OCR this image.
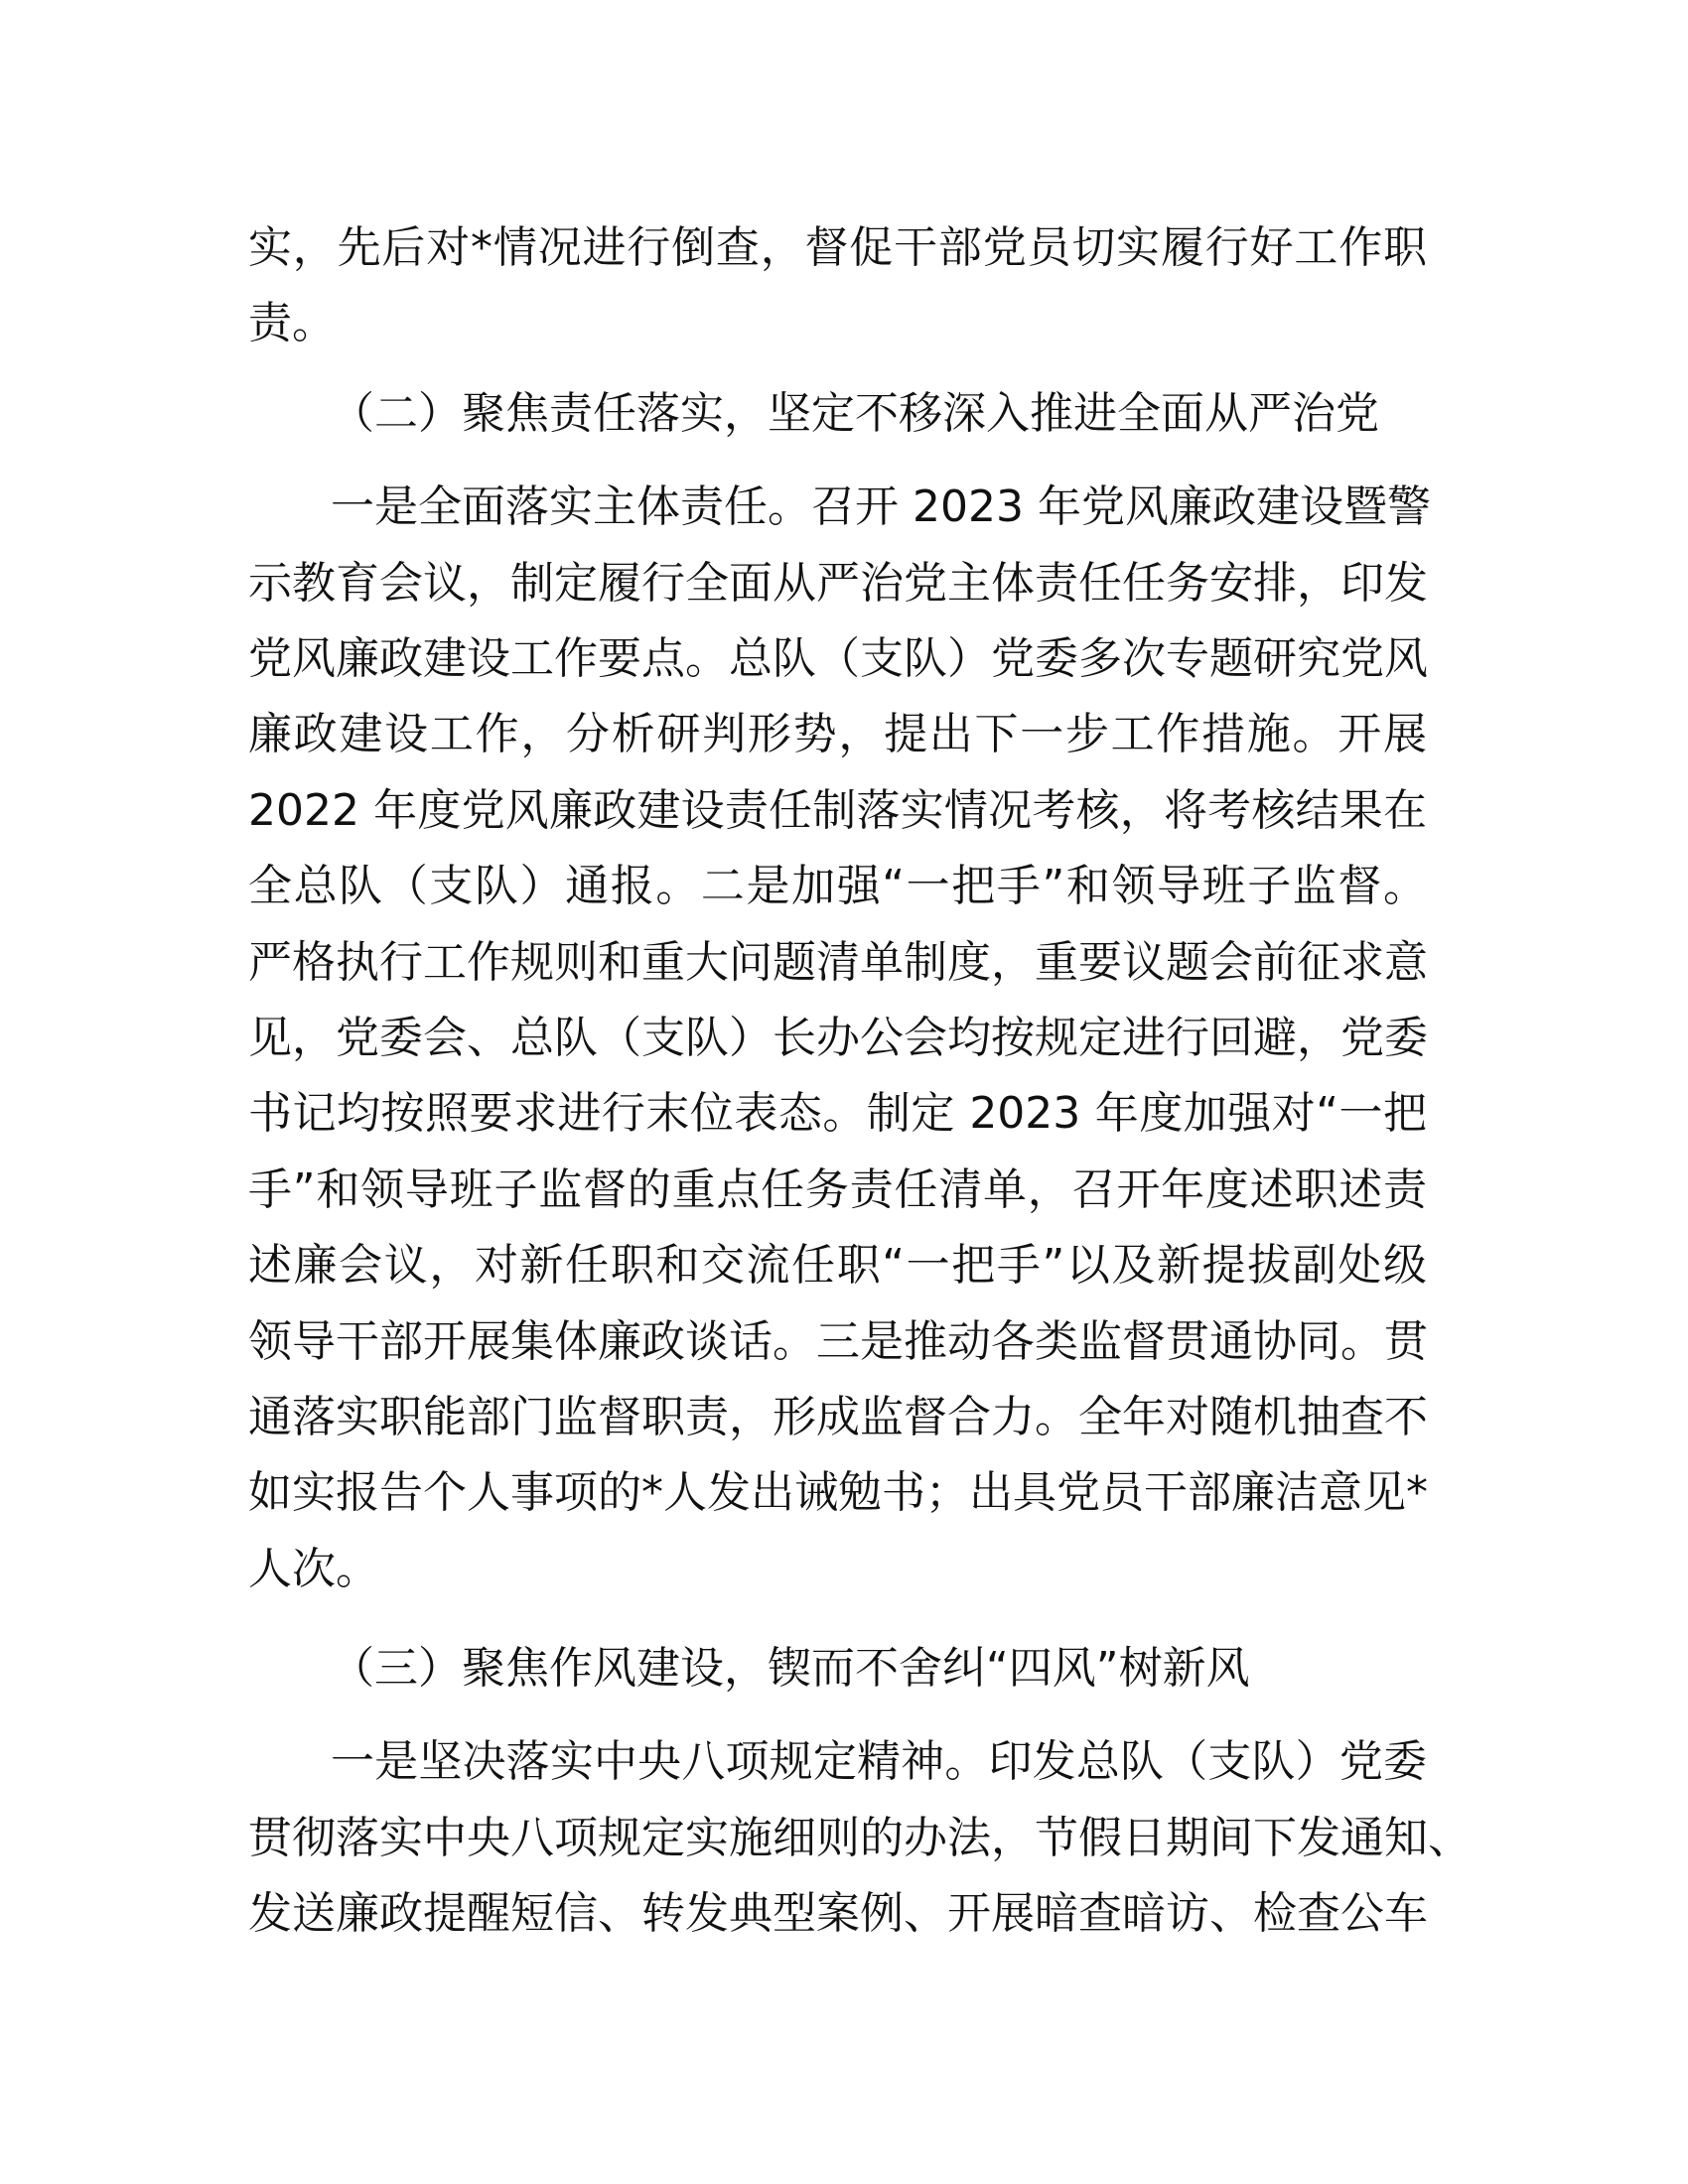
实，先后对*情况进行倒查，督促干部党员切实履行好工作职
责。
（二）聚焦责任落实，坚定不移深入推进全面从严治党
一是全面落实主体责任。召开 2023 年党风廉政建设暨警
示教育会议，制定履行全面从严治党主体责任任务安排，印发
党风廉政建设工作要点。总队（支队）党委多次专题研究党风
廉政建设工作，分析研判形势，提出下一步工作措施。开展
2022 年度党风廉政建设责任制落实情况考核，将考核结果在
全总队（支队）通报。二是加强“一把手”和领导班子监督。
严格执行工作规则和重大问题清单制度，重要议题会前征求意
见，党委会、总队（支队）长办公会均按规定进行回避，党委
书记均按照要求进行末位表态。制定 2023 年度加强对“一把
手”和领导班子监督的重点任务责任清单，召开年度述职述责
述廉会议，对新任职和交流任职“一把手”以及新提拔副处级
领导干部开展集体廉政谈话。三是推动各类监督贯通协同。贯
通落实职能部门监督职责，形成监督合力。全年对随机抽查不
如实报告个人事项的*人发出诫勉书；出具党员干部廉洁意见*
人次。
（三）聚焦作风建设，锲而不舍纠“四风”树新风
一是坚决落实中央八项规定精神。印发总队（支队）党委
贯彻落实中央八项规定实施细则的办法，节假日期间下发通知、
发送廉政提醒短信、转发典型案例、开展暗查暗访、检查公车
